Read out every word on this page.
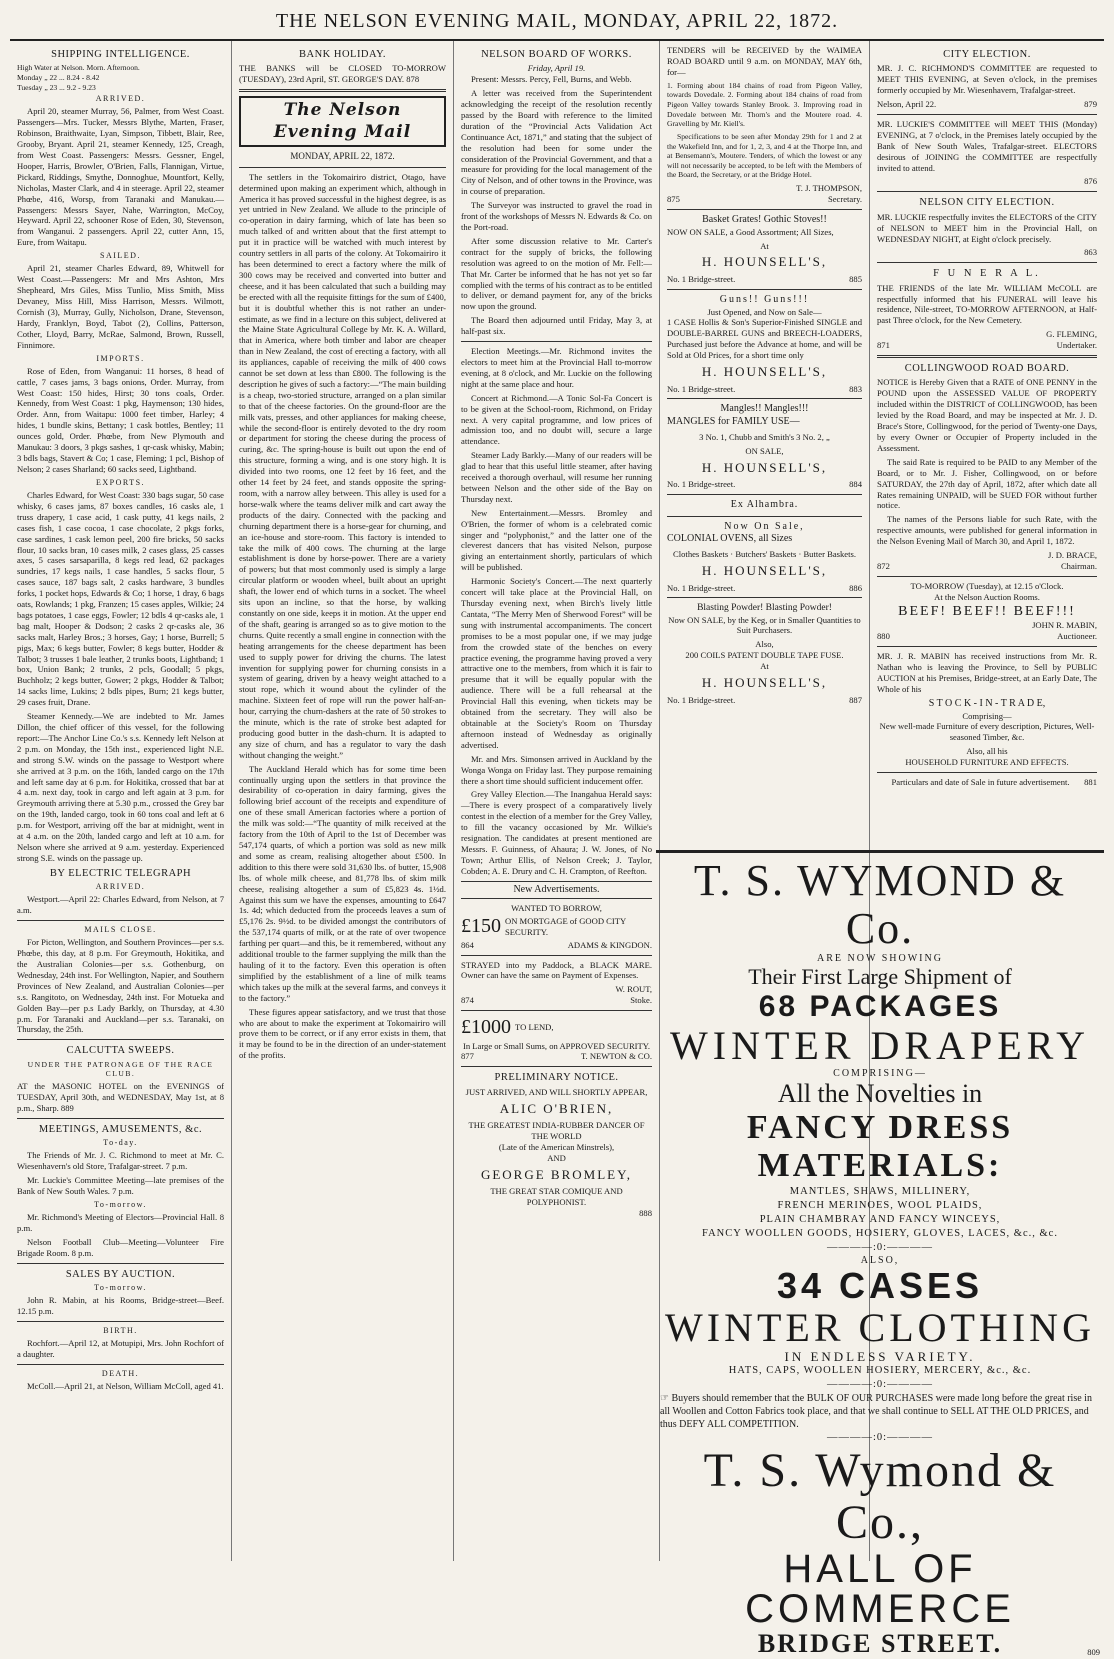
THE NELSON EVENING MAIL, MONDAY, APRIL 22, 1872.
SHIPPING INTELLIGENCE.
High Water at Nelson. Morn. Afternoon.
Monday „ 22 ... 8.24 - 8.42
Tuesday „ 23 ... 9.2 - 9.23
ARRIVED.

April 20, steamer Murray, 56, Palmer, from West Coast. Passengers—Mrs. Tucker, Messrs Blythe, Marten, Fraser, Robinson, Braithwaite, Lyan, Simpson, Tibbett, Blair, Ree, Grooby, Bryant. April 21, steamer Kennedy, 125, Creagh, from West Coast. Passengers: Messrs. Gessner, Engel, Hooper, Harris, Browler, O'Brien, Falls, Flannigan, Virtue, Pickard, Riddings, Smythe, Donnoghue, Mountfort, Kelly, Nicholas, Master Clark, and 4 in steerage. April 22, steamer Phœbe, 416, Worsp, from Taranaki and Manukau.—Passengers: Messrs Sayer, Nahe, Warrington, McCoy, Heyward. April 22, schooner Rose of Eden, 30, Stevenson, from Wanganui. 2 passengers. April 22, cutter Ann, 15, Eure, from Waitapu.

SAILED.

April 21, steamer Charles Edward, 89, Whitwell for West Coast.—Passengers: Mr and Mrs Ashton, Mrs Shepheard, Mrs Giles, Miss Tunlio, Miss Smith, Miss Devaney, Miss Hill, Miss Harrison, Messrs. Wilmott, Cornish (3), Murray, Gully, Nicholson, Drane, Stevenson, Hardy, Franklyn, Boyd, Tabot (2), Collins, Patterson, Cother, Lloyd, Barry, McRae, Salmond, Brown, Russell, Finnimore.

IMPORTS.

Rose of Eden, from Wanganui: 11 horses, 8 head of cattle, 7 cases jams, 3 bags onions, Order. Murray, from West Coast: 150 hides, Hirst; 30 tons coals, Order. Kennedy, from West Coast: 1 pkg, Haymenson; 130 hides, Order. Ann, from Waitapu: 1000 feet timber, Harley; 4 hides, 1 bundle skins, Bettany; 1 cask bottles, Bentley; 11 ounces gold, Order. Phœbe, from New Plymouth and Manukau: 3 doors, 3 pkgs sashes, 1 qr-cask whisky, Mabin; 3 bdls bags, Stavert & Co; 1 case, Fleming; 1 pcl, Bishop of Nelson; 2 cases Sharland; 60 sacks seed, Lightband.

EXPORTS.

Charles Edward, for West Coast: 330 bags sugar, 50 case whisky, 6 cases jams, 87 boxes candles, 16 casks ale, 1 truss drapery, 1 case acid, 1 cask putty, 41 kegs nails, 2 cases fish, 1 case cocoa, 1 case chocolate, 2 pkgs forks, case sardines, 1 cask lemon peel, 200 fire bricks, 50 sacks flour, 10 sacks bran, 10 cases milk, 2 cases glass, 25 casses axes, 5 cases sarsaparilla, 8 kegs red lead, 62 packages sundries, 17 kegs nails, 1 case handles, 5 sacks flour, 5 cases sauce, 187 bags salt, 2 casks hardware, 3 bundles forks, 1 pocket hops, Edwards & Co; 1 horse, 1 dray, 6 bags oats, Rowlands; 1 pkg, Franzen; 15 cases apples, Wilkie; 24 bags potatoes, 1 case eggs, Fowler; 12 bdls 4 qr-casks ale, 1 bag malt, Hooper & Dodson; 2 casks 2 qr-casks ale, 36 sacks malt, Harley Bros.; 3 horses, Gay; 1 horse, Burrell; 5 pigs, Max; 6 kegs butter, Fowler; 8 kegs butter, Hodder & Talbot; 3 trusses 1 bale leather, 2 trunks boots, Lightband; 1 box, Union Bank; 2 trunks, 2 pcls, Goodall; 5 pkgs, Buchholz; 2 kegs butter, Gower; 2 pkgs, Hodder & Talbot; 14 sacks lime, Lukins; 2 bdls pipes, Burn; 21 kegs butter, 29 cases fruit, Drane.

Steamer Kennedy.—We are indebted to Mr. James Dillon, the chief officer of this vessel, for the following report:—The Anchor Line Co.'s s.s. Kennedy left Nelson at 2 p.m. on Monday, the 15th inst., experienced light N.E. and strong S.W. winds on the passage to Westport where she arrived at 3 p.m. on the 16th, landed cargo on the 17th and left same day at 6 p.m. for Hokitika, crossed that bar at 4 a.m. next day, took in cargo and left again at 3 p.m. for Greymouth arriving there at 5.30 p.m., crossed the Grey bar on the 19th, landed cargo, took in 60 tons coal and left at 6 p.m. for Westport, arriving off the bar at midnight, went in at 4 a.m. on the 20th, landed cargo and left at 10 a.m. for Nelson where she arrived at 9 a.m. yesterday. Experienced strong S.E. winds on the passage up.

BY ELECTRIC TELEGRAPH
ARRIVED.

Westport.—April 22: Charles Edward, from Nelson, at 7 a.m.

MAILS CLOSE.

For Picton, Wellington, and Southern Provinces—per s.s. Phœbe, this day, at 8 p.m. For Greymouth, Hokitika, and the Australian Colonies—per s.s. Gothenburg, on Wednesday, 24th inst. For Wellington, Napier, and Southern Provinces of New Zealand, and Australian Colonies—per s.s. Rangitoto, on Wednesday, 24th inst. For Motueka and Golden Bay—per p.s Lady Barkly, on Thursday, at 4.30 p.m. For Taranaki and Auckland—per s.s. Taranaki, on Thursday, the 25th.

CALCUTTA SWEEPS.
UNDER THE PATRONAGE OF THE RACE CLUB.

AT the MASONIC HOTEL on the EVENINGS of TUESDAY, April 30th, and WEDNESDAY, May 1st, at 8 p.m., Sharp. 889

MEETINGS, AMUSEMENTS, &c.
To-day.

The Friends of Mr. J. C. Richmond to meet at Mr. C. Wiesenhavern's old Store, Trafalgar-street. 7 p.m.

Mr. Luckie's Committee Meeting—late premises of the Bank of New South Wales. 7 p.m.

To-morrow.

Mr. Richmond's Meeting of Electors—Provincial Hall. 8 p.m.

Nelson Football Club—Meeting—Volunteer Fire Brigade Room. 8 p.m.

SALES BY AUCTION.
To-morrow.

John R. Mabin, at his Rooms, Bridge-street—Beef. 12.15 p.m.

BIRTH.

Rochfort.—April 12, at Motupipi, Mrs. John Rochfort of a daughter.

DEATH.

McColl.—April 21, at Nelson, William McColl, aged 41.

BANK HOLIDAY.

THE BANKS will be CLOSED TO-MORROW (TUESDAY), 23rd April, ST. GEORGE'S DAY. 878

The Nelson Evening Mail
MONDAY, APRIL 22, 1872.

The settlers in the Tokomairiro district, Otago, have determined upon making an experiment which, although in America it has proved successful in the highest degree, is as yet untried in New Zealand. We allude to the principle of co-operation in dairy farming, which of late has been so much talked of and written about that the first attempt to put it in practice will be watched with much interest by country settlers in all parts of the colony. At Tokomairiro it has been determined to erect a factory where the milk of 300 cows may be received and converted into butter and cheese, and it has been calculated that such a building may be erected with all the requisite fittings for the sum of £400, but it is doubtful whether this is not rather an under-estimate, as we find in a lecture on this subject, delivered at the Maine State Agricultural College by Mr. K. A. Willard, that in America, where both timber and labor are cheaper than in New Zealand, the cost of erecting a factory, with all its appliances, capable of receiving the milk of 400 cows cannot be set down at less than £800. The following is the description he gives of such a factory:—“The main building is a cheap, two-storied structure, arranged on a plan similar to that of the cheese factories. On the ground-floor are the milk vats, presses, and other appliances for making cheese, while the second-floor is entirely devoted to the dry room or department for storing the cheese during the process of curing, &c. The spring-house is built out upon the end of this structure, forming a wing, and is one story high. It is divided into two rooms, one 12 feet by 16 feet, and the other 14 feet by 24 feet, and stands opposite the spring-room, with a narrow alley between. This alley is used for a horse-walk where the teams deliver milk and cart away the products of the dairy. Connected with the packing and churning department there is a horse-gear for churning, and an ice-house and store-room. This factory is intended to take the milk of 400 cows. The churning at the large establishment is done by horse-power. There are a variety of powers; but that most commonly used is simply a large circular platform or wooden wheel, built about an upright shaft, the lower end of which turns in a socket. The wheel sits upon an incline, so that the horse, by walking constantly on one side, keeps it in motion. At the upper end of the shaft, gearing is arranged so as to give motion to the churns. Quite recently a small engine in connection with the heating arrangements for the cheese department has been used to supply power for driving the churns. The latest invention for supplying power for churning consists in a system of gearing, driven by a heavy weight attached to a stout rope, which it wound about the cylinder of the machine. Sixteen feet of rope will run the power half-an-hour, carrying the churn-dashers at the rate of 50 strokes to the minute, which is the rate of stroke best adapted for producing good butter in the dash-churn. It is adapted to any size of churn, and has a regulator to vary the dash without changing the weight.”

The Auckland Herald which has for some time been continually urging upon the settlers in that province the desirability of co-operation in dairy farming, gives the following brief account of the receipts and expenditure of one of these small American factories where a portion of the milk was sold:—“The quantity of milk received at the factory from the 10th of April to the 1st of December was 547,174 quarts, of which a portion was sold as new milk and some as cream, realising altogether about £500. In addition to this there were sold 31,630 lbs. of butter, 15,908 lbs. of whole milk cheese, and 81,778 lbs. of skim milk cheese, realising altogether a sum of £5,823 4s. 1½d. Against this sum we have the expenses, amounting to £647 1s. 4d; which deducted from the proceeds leaves a sum of £5,176 2s. 9½d. to be divided amongst the contributors of the 537,174 quarts of milk, or at the rate of over twopence farthing per quart—and this, be it remembered, without any additional trouble to the farmer supplying the milk than the hauling of it to the factory. Even this operation is often simplified by the establishment of a line of milk teams which takes up the milk at the several farms, and conveys it to the factory.”

These figures appear satisfactory, and we trust that those who are about to make the experiment at Tokomairiro will prove them to be correct, or if any error exists in them, that it may be found to be in the direction of an under-statement of the profits.

NELSON BOARD OF WORKS.
Friday, April 19.

Present: Messrs. Percy, Fell, Burns, and Webb.

A letter was received from the Superintendent acknowledging the receipt of the resolution recently passed by the Board with reference to the limited duration of the “Provincial Acts Validation Act Continuance Act, 1871,” and stating that the subject of the resolution had been for some under the consideration of the Provincial Government, and that a measure for providing for the local management of the City of Nelson, and of other towns in the Province, was in course of preparation.

The Surveyor was instructed to gravel the road in front of the workshops of Messrs N. Edwards & Co. on the Port-road.

After some discussion relative to Mr. Carter's contract for the supply of bricks, the following resolution was agreed to on the motion of Mr. Fell:—That Mr. Carter be informed that he has not yet so far complied with the terms of his contract as to be entitled to deliver, or demand payment for, any of the bricks now upon the ground.

The Board then adjourned until Friday, May 3, at half-past six.

Election Meetings.—Mr. Richmond invites the electors to meet him at the Provincial Hall to-morrow evening, at 8 o'clock, and Mr. Luckie on the following night at the same place and hour.

Concert at Richmond.—A Tonic Sol-Fa Concert is to be given at the School-room, Richmond, on Friday next. A very capital programme, and low prices of admission too, and no doubt will, secure a large attendance.

Steamer Lady Barkly.—Many of our readers will be glad to hear that this useful little steamer, after having received a thorough overhaul, will resume her running between Nelson and the other side of the Bay on Thursday next.

New Entertainment.—Messrs. Bromley and O'Brien, the former of whom is a celebrated comic singer and “polyphonist,” and the latter one of the cleverest dancers that has visited Nelson, purpose giving an entertainment shortly, particulars of which will be published.

Harmonic Society's Concert.—The next quarterly concert will take place at the Provincial Hall, on Thursday evening next, when Birch's lively little Cantata, “The Merry Men of Sherwood Forest” will be sung with instrumental accompaniments. The concert promises to be a most popular one, if we may judge from the crowded state of the benches on every practice evening, the programme having proved a very attractive one to the members, from which it is fair to presume that it will be equally popular with the audience. There will be a full rehearsal at the Provincial Hall this evening, when tickets may be obtained from the secretary. They will also be obtainable at the Society's Room on Thursday afternoon instead of Wednesday as originally advertised.

Mr. and Mrs. Simonsen arrived in Auckland by the Wonga Wonga on Friday last. They purpose remaining there a short time should sufficient inducement offer.

Grey Valley Election.—The Inangahua Herald says:—There is every prospect of a comparatively lively contest in the election of a member for the Grey Valley, to fill the vacancy occasioned by Mr. Wilkie's resignation. The candidates at present mentioned are Messrs. F. Guinness, of Ahaura; J. W. Jones, of No Town; Arthur Ellis, of Nelson Creek; J. Taylor, Cobden; A. E. Drury and C. H. Crampton, of Reefton.

New Advertisements.
WANTED TO BORROW,
£150 ON MORTGAGE of GOOD CITY SECURITY.
864	ADAMS & KINGDON.

STRAYED into my Paddock, a BLACK MARE. Owner can have the same on Payment of Expenses.

W. ROUT,
874	Stoke.
£1000 TO LEND,
In Large or Small Sums, on APPROVED SECURITY.
877	T. NEWTON & CO.
PRELIMINARY NOTICE.
JUST ARRIVED, AND WILL SHORTLY APPEAR,
ALIC O'BRIEN,
THE GREATEST INDIA-RUBBER DANCER OF THE WORLD
(Late of the American Minstrels),
AND
GEORGE BROMLEY,
THE GREAT STAR COMIQUE AND POLYPHONIST.
888

TENDERS will be RECEIVED by the WAIMEA ROAD BOARD until 9 a.m. on MONDAY, MAY 6th, for—

1. Forming about 184 chains of road from Pigeon Valley, towards Dovedale. 2. Forming about 184 chains of road from Pigeon Valley towards Stanley Brook. 3. Improving road in Dovedale between Mr. Thorn's and the Moutere road. 4. Gravelling by Mr. Kiell's.

Specifications to be seen after Monday 29th for 1 and 2 at the Wakefield Inn, and for 1, 2, 3, and 4 at the Thorpe Inn, and at Bensemann's, Moutere. Tenders, of which the lowest or any will not necessarily be accepted, to be left with the Members of the Board, the Secretary, or at the Bridge Hotel.

T. J. THOMPSON,
875	Secretary.
Basket Grates! Gothic Stoves!!

NOW ON SALE, a Good Assortment; All Sizes,

At
H. HOUNSELL'S,
No. 1 Bridge-street.	885
Guns!! Guns!!!
Just Opened, and Now on Sale—

1 CASE Hollis & Son's Superior-Finished SINGLE and DOUBLE-BARREL GUNS and BREECH-LOADERS, Purchased just before the Advance at home, and will be Sold at Old Prices, for a short time only

H. HOUNSELL'S,
No. 1 Bridge-street.	883
Mangles!! Mangles!!!

MANGLES for FAMILY USE—

3 No. 1, Chubb and Smith's 3 No. 2, „

ON SALE,
H. HOUNSELL'S,
No. 1 Bridge-street.	884
Ex Alhambra.
Now On Sale,

COLONIAL OVENS, all Sizes

Clothes Baskets · Butchers' Baskets · Butter Baskets.

H. HOUNSELL'S,
No. 1 Bridge-street.	886
Blasting Powder! Blasting Powder!

Now ON SALE, by the Keg, or in Smaller Quantities to Suit Purchasers.

Also,
200 COILS PATENT DOUBLE TAPE FUSE.
At
H. HOUNSELL'S,
No. 1 Bridge-street.	887
CITY ELECTION.

MR. J. C. RICHMOND'S COMMITTEE are requested to MEET THIS EVENING, at Seven o'clock, in the premises formerly occupied by Mr. Wiesenhavern, Trafalgar-street.

Nelson, April 22.	879

MR. LUCKIE'S COMMITTEE will MEET THIS (Monday) EVENING, at 7 o'clock, in the Premises lately occupied by the Bank of New South Wales, Trafalgar-street. ELECTORS desirous of JOINING the COMMITTEE are respectfully invited to attend.

876
NELSON CITY ELECTION.

MR. LUCKIE respectfully invites the ELECTORS of the CITY of NELSON to MEET him in the Provincial Hall, on WEDNESDAY NIGHT, at Eight o'clock precisely.

863
F U N E R A L.

THE FRIENDS of the late Mr. WILLIAM McCOLL are respectfully informed that his FUNERAL will leave his residence, Nile-street, TO-MORROW AFTERNOON, at Half-past Three o'clock, for the New Cemetery.

G. FLEMING,
871	Undertaker.
COLLINGWOOD ROAD BOARD.

NOTICE is Hereby Given that a RATE of ONE PENNY in the POUND upon the ASSESSED VALUE OF PROPERTY included within the DISTRICT of COLLINGWOOD, has been levied by the Road Board, and may be inspected at Mr. J. D. Brace's Store, Collingwood, for the period of Twenty-one Days, by every Owner or Occupier of Property included in the Assessment.

The said Rate is required to be PAID to any Member of the Board, or to Mr. J. Fisher, Collingwood, on or before SATURDAY, the 27th day of April, 1872, after which date all Rates remaining UNPAID, will be SUED FOR without further notice.

The names of the Persons liable for such Rate, with the respective amounts, were published for general information in the Nelson Evening Mail of March 30, and April 1, 1872.

J. D. BRACE,
872	Chairman.
TO-MORROW (Tuesday), at 12.15 o'Clock.
At the Nelson Auction Rooms.
BEEF! BEEF!! BEEF!!!
JOHN R. MABIN,
880	Auctioneer.

MR. J. R. MABIN has received instructions from Mr. R. Nathan who is leaving the Province, to Sell by PUBLIC AUCTION at his Premises, Bridge-street, at an Early Date, The Whole of his

S T O C K - I N - T R A D E,
Comprising—

New well-made Furniture of every description, Pictures, Well-seasoned Timber, &c.

Also, all his
HOUSEHOLD FURNITURE AND EFFECTS.
Particulars and date of Sale in future advertisement.	881
T. S. WYMOND & Co.
ARE NOW SHOWING
Their First Large Shipment of
68 PACKAGES
WINTER DRAPERY
COMPRISING—
All the Novelties in
FANCY DRESS MATERIALS:
MANTLES, SHAWS, MILLINERY,
FRENCH MERINOES, WOOL PLAIDS,
PLAIN CHAMBRAY AND FANCY WINCEYS,
FANCY WOOLLEN GOODS, HOSIERY, GLOVES, LACES, &c., &c.
————:0:————
ALSO,
34 CASES
WINTER CLOTHING
IN ENDLESS VARIETY.
HATS, CAPS, WOOLLEN HOSIERY, MERCERY, &c., &c.
————:0:————
☞ Buyers should remember that the BULK OF OUR PURCHASES were made long before the great rise in all Woollen and Cotton Fabrics took place, and that we shall continue to SELL AT THE OLD PRICES, and thus DEFY ALL COMPETITION.
————:0:————
T. S. Wymond & Co.,
HALL OF COMMERCE
BRIDGE STREET.	809
